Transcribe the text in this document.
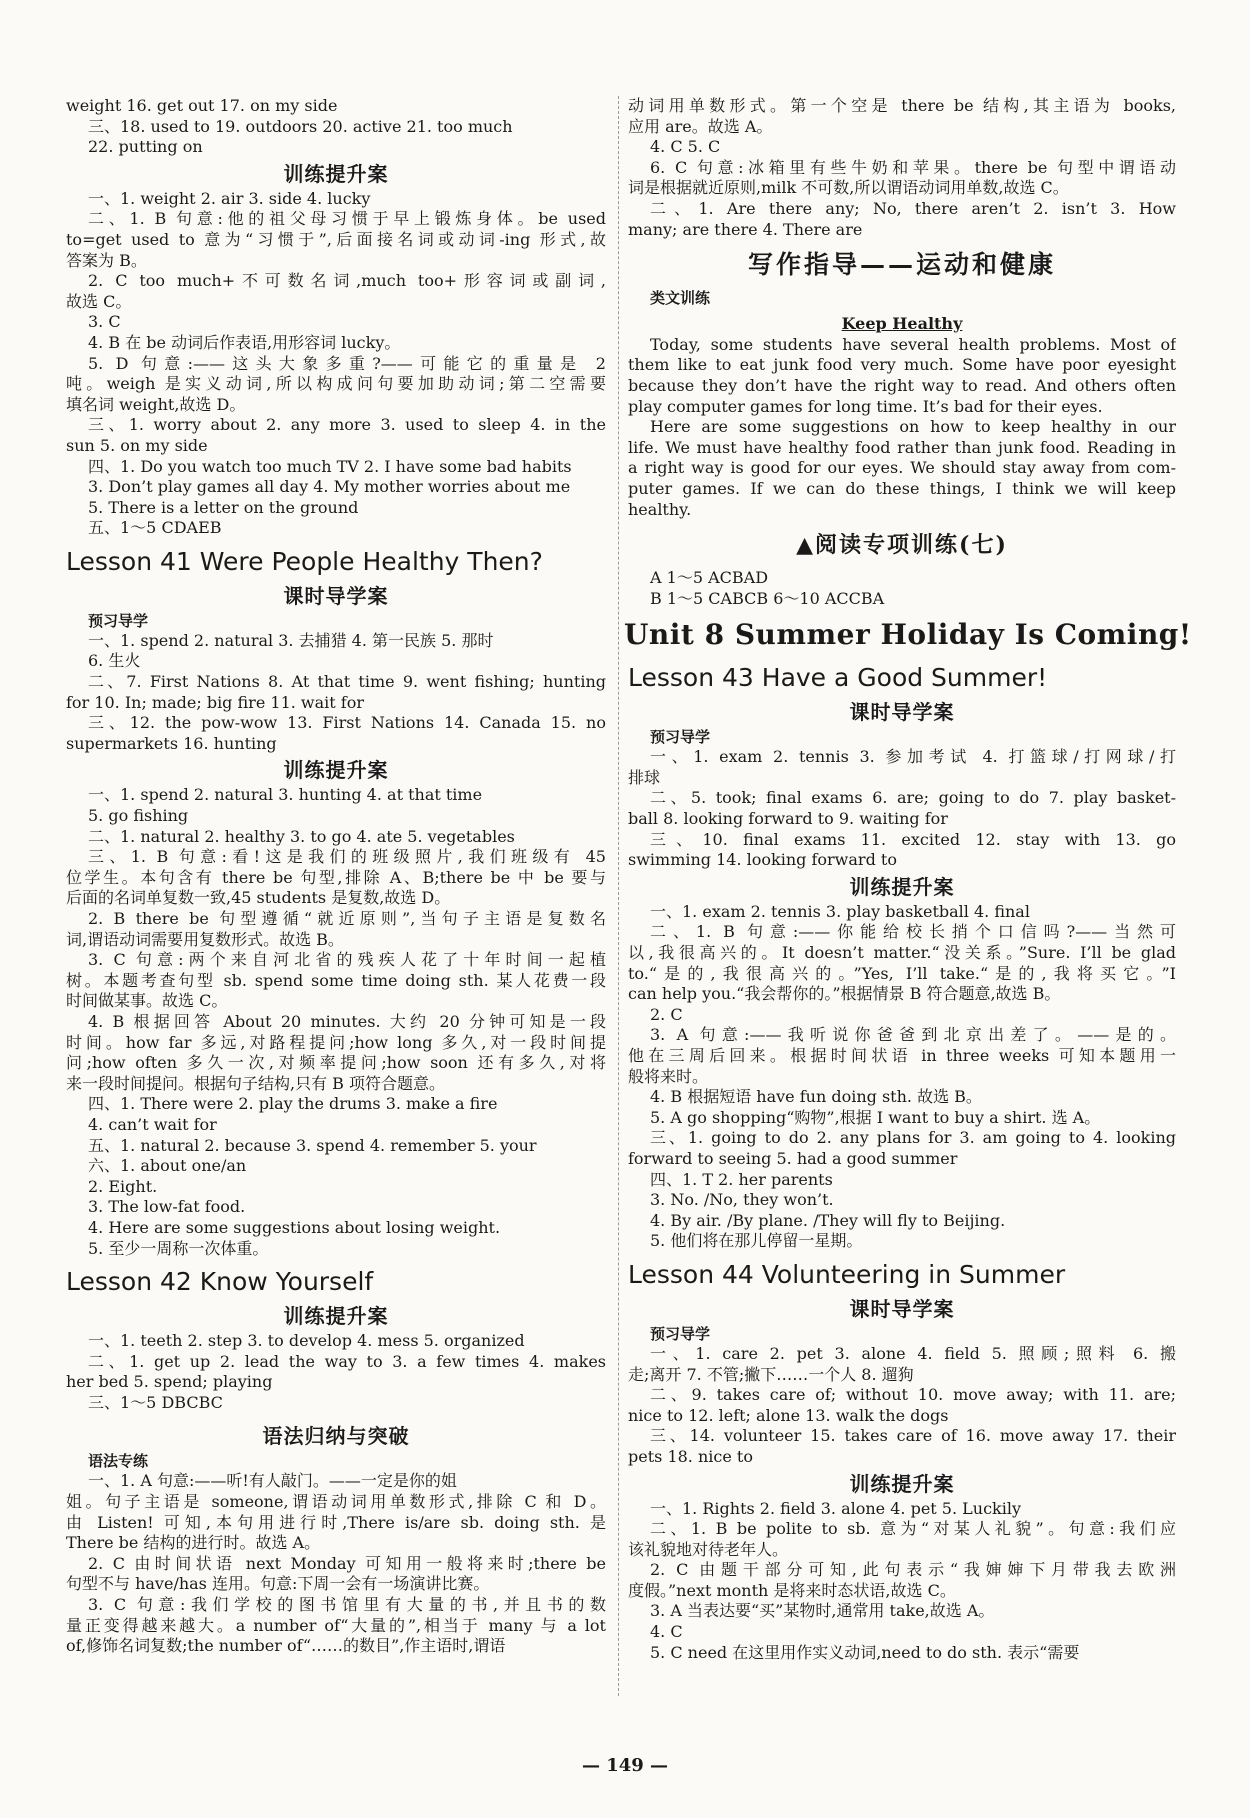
weight 16. get out 17. on my side
三、18. used to 19. outdoors 20. active 21. too much
22. putting on
训练提升案
一、1. weight 2. air 3. side 4. lucky
二、1. B 句意:他的祖父母习惯于早上锻炼身体。be used
to=get used to 意为“习惯于”,后面接名词或动词-ing 形式,故
答案为 B。
2. C too much+不可数名词,much too+形容词或副词,
故选 C。
3. C
4. B 在 be 动词后作表语,用形容词 lucky。
5. D 句意:——这头大象多重?——可能它的重量是 2
吨。weigh 是实义动词,所以构成问句要加助动词;第二空需要
填名词 weight,故选 D。
三、1. worry about 2. any more 3. used to sleep 4. in the
sun 5. on my side
四、1. Do you watch too much TV 2. I have some bad habits
3. Don’t play games all day 4. My mother worries about me
5. There is a letter on the ground
五、1～5 CDAEB
Lesson 41 Were People Healthy Then?
课时导学案
预习导学
一、1. spend 2. natural 3. 去捕猎 4. 第一民族 5. 那时
6. 生火
二、7. First Nations 8. At that time 9. went fishing; hunting
for 10. In; made; big fire 11. wait for
三、12. the pow-wow 13. First Nations 14. Canada 15. no
supermarkets 16. hunting
训练提升案
一、1. spend 2. natural 3. hunting 4. at that time
5. go fishing
二、1. natural 2. healthy 3. to go 4. ate 5. vegetables
三、1. B 句意:看!这是我们的班级照片,我们班级有 45
位学生。本句含有 there be 句型,排除 A、B;there be 中 be 要与
后面的名词单复数一致,45 students 是复数,故选 D。
2. B there be 句型遵循“就近原则”,当句子主语是复数名
词,谓语动词需要用复数形式。故选 B。
3. C 句意:两个来自河北省的残疾人花了十年时间一起植
树。本题考查句型 sb. spend some time doing sth. 某人花费一段
时间做某事。故选 C。
4. B 根据回答 About 20 minutes. 大约 20 分钟可知是一段
时间。how far 多远,对路程提问;how long 多久,对一段时间提
问;how often 多久一次,对频率提问;how soon 还有多久,对将
来一段时间提问。根据句子结构,只有 B 项符合题意。
四、1. There were 2. play the drums 3. make a fire
4. can’t wait for
五、1. natural 2. because 3. spend 4. remember 5. your
六、1. about one/an
2. Eight.
3. The low-fat food.
4. Here are some suggestions about losing weight.
5. 至少一周称一次体重。
Lesson 42 Know Yourself
训练提升案
一、1. teeth 2. step 3. to develop 4. mess 5. organized
二、1. get up 2. lead the way to 3. a few times 4. makes
her bed 5. spend; playing
三、1～5 DBCBC
语法归纳与突破
语法专练
一、1. A 句意:——听!有人敲门。——一定是你的姐
姐。句子主语是 someone,谓语动词用单数形式,排除 C 和 D。
由 Listen! 可知,本句用进行时,There is/are sb. doing sth. 是
There be 结构的进行时。故选 A。
2. C 由时间状语 next Monday 可知用一般将来时;there be
句型不与 have/has 连用。句意:下周一会有一场演讲比赛。
3. C 句意:我们学校的图书馆里有大量的书,并且书的数
量正变得越来越大。a number of“大量的”,相当于 many 与 a lot
of,修饰名词复数;the number of“……的数目”,作主语时,谓语
动词用单数形式。第一个空是 there be 结构,其主语为 books,
应用 are。故选 A。
4. C 5. C
6. C 句意:冰箱里有些牛奶和苹果。there be 句型中谓语动
词是根据就近原则,milk 不可数,所以谓语动词用单数,故选 C。
二、1. Are there any; No, there aren’t 2. isn’t 3. How
many; are there 4. There are
写作指导——运动和健康
类文训练
Keep Healthy
Today, some students have several health problems. Most of
them like to eat junk food very much. Some have poor eyesight
because they don’t have the right way to read. And others often
play computer games for long time. It’s bad for their eyes.
Here are some suggestions on how to keep healthy in our
life. We must have healthy food rather than junk food. Reading in
a right way is good for our eyes. We should stay away from com-
puter games. If we can do these things, I think we will keep
healthy.
▲阅读专项训练(七)
A 1～5 ACBAD
B 1～5 CABCB 6～10 ACCBA
Unit 8 Summer Holiday Is Coming!
Lesson 43 Have a Good Summer!
课时导学案
预习导学
一、1. exam 2. tennis 3. 参加考试 4. 打篮球/打网球/打
排球
二、5. took; final exams 6. are; going to do 7. play basket-
ball 8. looking forward to 9. waiting for
三、10. final exams 11. excited 12. stay with 13. go
swimming 14. looking forward to
训练提升案
一、1. exam 2. tennis 3. play basketball 4. final
二、1. B 句意:——你能给校长捎个口信吗?——当然可
以,我很高兴的。It doesn’t matter.“没关系。”Sure. I’ll be glad
to.“是的,我很高兴的。”Yes, I’ll take.“是的,我将买它。”I
can help you.“我会帮你的。”根据情景 B 符合题意,故选 B。
2. C
3. A 句意:——我听说你爸爸到北京出差了。——是的。
他在三周后回来。根据时间状语 in three weeks 可知本题用一
般将来时。
4. B 根据短语 have fun doing sth. 故选 B。
5. A go shopping“购物”,根据 I want to buy a shirt. 选 A。
三、1. going to do 2. any plans for 3. am going to 4. looking
forward to seeing 5. had a good summer
四、1. T 2. her parents
3. No. /No, they won’t.
4. By air. /By plane. /They will fly to Beijing.
5. 他们将在那儿停留一星期。
Lesson 44 Volunteering in Summer
课时导学案
预习导学
一、1. care 2. pet 3. alone 4. field 5. 照顾;照料 6. 搬
走;离开 7. 不管;撇下……一个人 8. 遛狗
二、9. takes care of; without 10. move away; with 11. are;
nice to 12. left; alone 13. walk the dogs
三、14. volunteer 15. takes care of 16. move away 17. their
pets 18. nice to
训练提升案
一、1. Rights 2. field 3. alone 4. pet 5. Luckily
二、1. B be polite to sb. 意为“对某人礼貌”。句意:我们应
该礼貌地对待老年人。
2. C 由题干部分可知,此句表示“我婶婶下月带我去欧洲
度假。”next month 是将来时态状语,故选 C。
3. A 当表达要“买”某物时,通常用 take,故选 A。
4. C
5. C need 在这里用作实义动词,need to do sth. 表示“需要
— 149 —
